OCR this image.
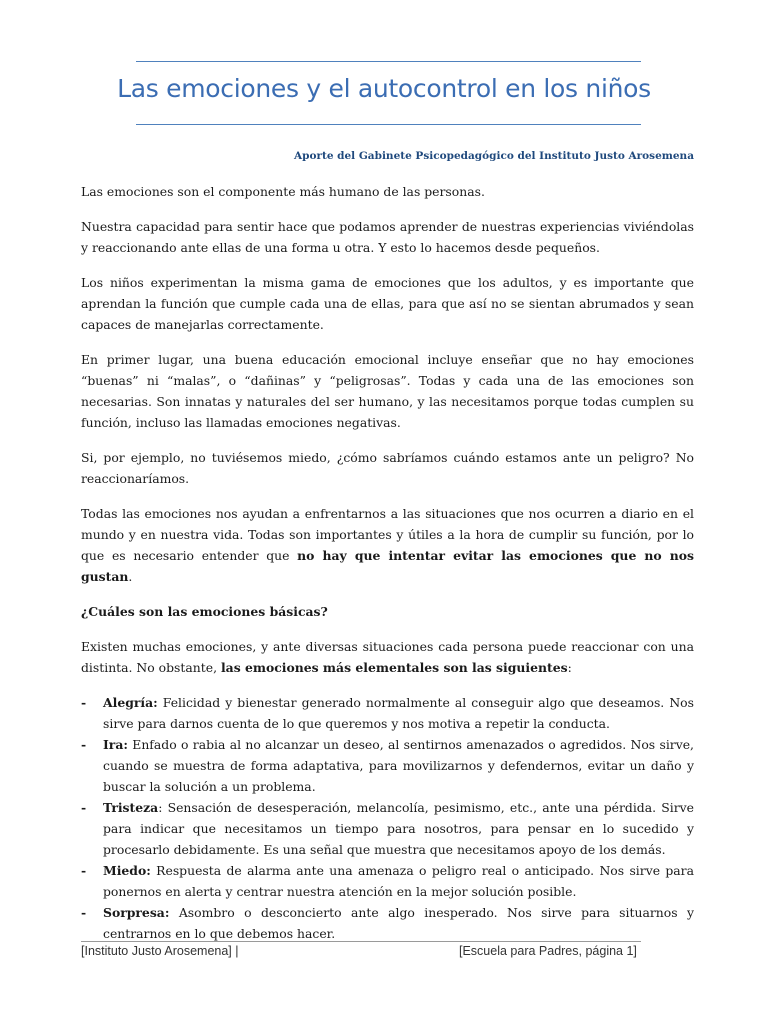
Las emociones y el autocontrol en los niños
Aporte del Gabinete Psicopedagógico del Instituto Justo Arosemena

Las emociones son el componente más humano de las personas.

Nuestra capacidad para sentir hace que podamos aprender de nuestras experiencias viviéndolas y reaccionando ante ellas de una forma u otra. Y esto lo hacemos desde pequeños.

Los niños experimentan la misma gama de emociones que los adultos, y es importante que aprendan la función que cumple cada una de ellas, para que así no se sientan abrumados y sean capaces de manejarlas correctamente.

En primer lugar, una buena educación emocional incluye enseñar que no hay emociones “buenas” ni “malas”, o “dañinas” y “peligrosas”. Todas y cada una de las emociones son necesarias. Son innatas y naturales del ser humano, y las necesitamos porque todas cumplen su función, incluso las llamadas emociones negativas.

Si, por ejemplo, no tuviésemos miedo, ¿cómo sabríamos cuándo estamos ante un peligro? No reaccionaríamos.

Todas las emociones nos ayudan a enfrentarnos a las situaciones que nos ocurren a diario en el mundo y en nuestra vida. Todas son importantes y útiles a la hora de cumplir su función, por lo que es necesario entender que no hay que intentar evitar las emociones que no nos gustan.

¿Cuáles son las emociones básicas?

Existen muchas emociones, y ante diversas situaciones cada persona puede reaccionar con una distinta. No obstante, las emociones más elementales son las siguientes:

- Alegría: Felicidad y bienestar generado normalmente al conseguir algo que deseamos. Nos sirve para darnos cuenta de lo que queremos y nos motiva a repetir la conducta.
- Ira: Enfado o rabia al no alcanzar un deseo, al sentirnos amenazados o agredidos. Nos sirve, cuando se muestra de forma adaptativa, para movilizarnos y defendernos, evitar un daño y buscar la solución a un problema.
- Tristeza: Sensación de desesperación, melancolía, pesimismo, etc., ante una pérdida. Sirve para indicar que necesitamos un tiempo para nosotros, para pensar en lo sucedido y procesarlo debidamente. Es una señal que muestra que necesitamos apoyo de los demás.
- Miedo: Respuesta de alarma ante una amenaza o peligro real o anticipado. Nos sirve para ponernos en alerta y centrar nuestra atención en la mejor solución posible.
- Sorpresa: Asombro o desconcierto ante algo inesperado. Nos sirve para situarnos y centrarnos en lo que debemos hacer.
[Instituto Justo Arosemena] |	[Escuela para Padres, página 1]
